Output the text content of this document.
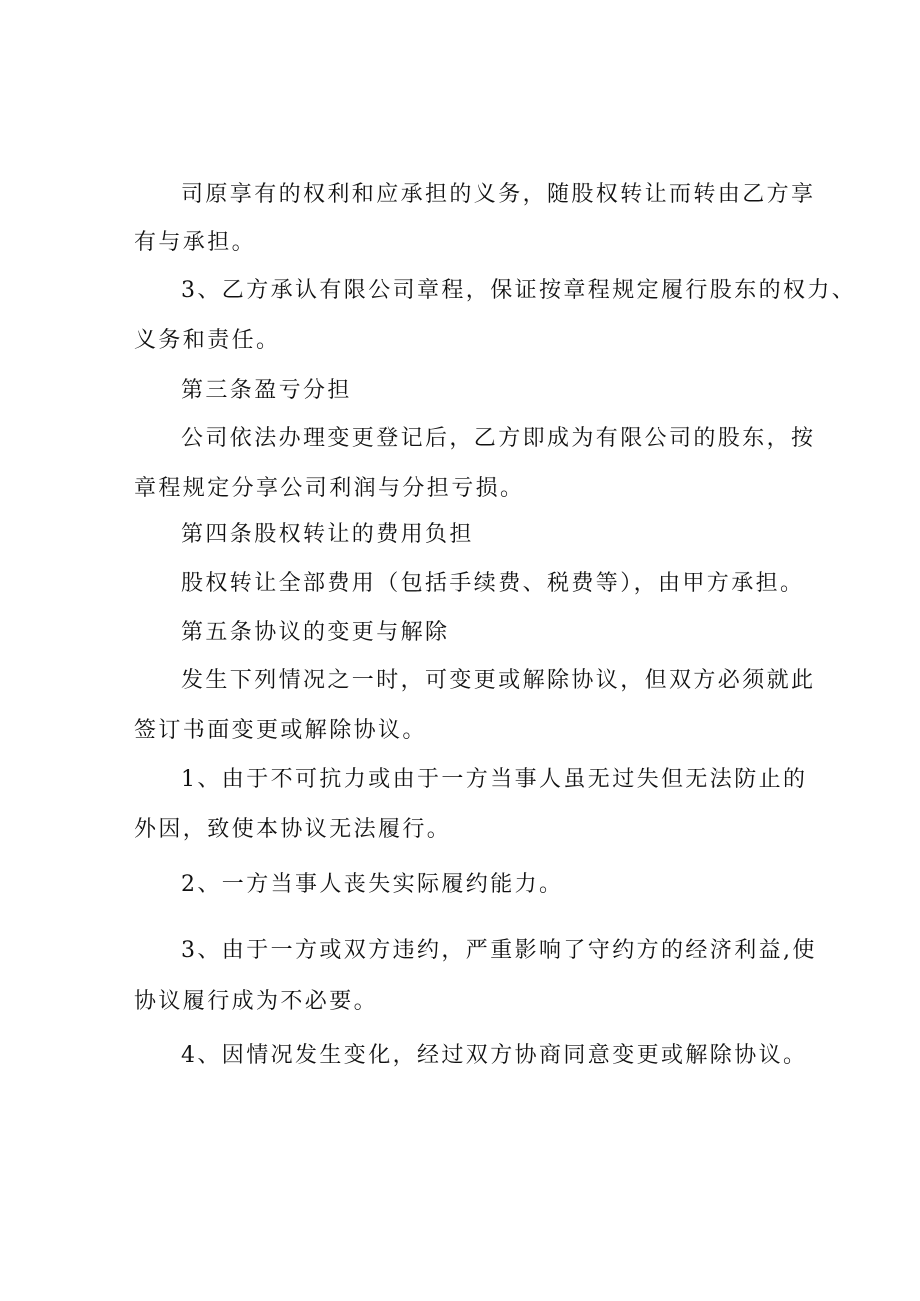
司原享有的权利和应承担的义务，随股权转让而转由乙方享
有与承担。
3、乙方承认有限公司章程，保证按章程规定履行股东的权力、
义务和责任。
第三条盈亏分担
公司依法办理变更登记后，乙方即成为有限公司的股东，按
章程规定分享公司利润与分担亏损。
第四条股权转让的费用负担
股权转让全部费用（包括手续费、税费等），由甲方承担。
第五条协议的变更与解除
发生下列情况之一时，可变更或解除协议，但双方必须就此
签订书面变更或解除协议。
1、由于不可抗力或由于一方当事人虽无过失但无法防止的
外因，致使本协议无法履行。
2、一方当事人丧失实际履约能力。
3、由于一方或双方违约，严重影响了守约方的经济利益,使
协议履行成为不必要。
4、因情况发生变化，经过双方协商同意变更或解除协议。
